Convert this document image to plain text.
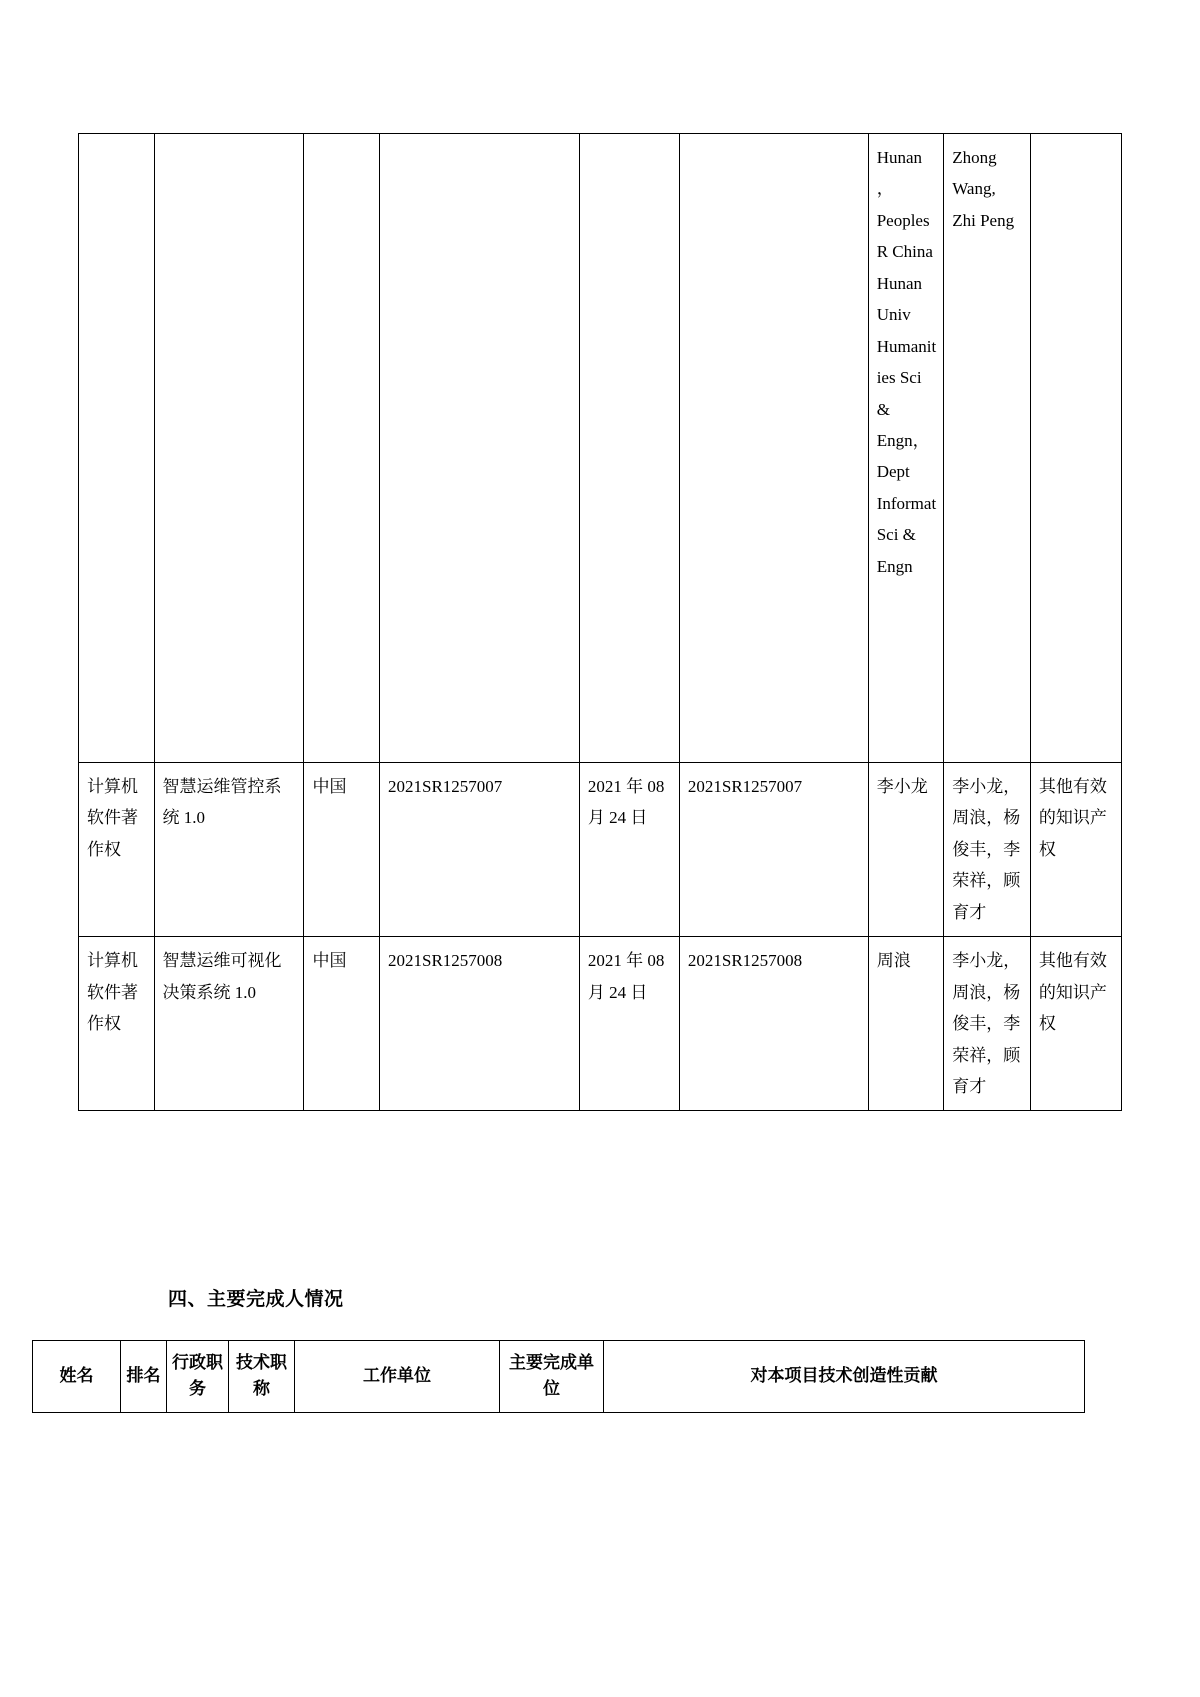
						Hunan，Peoples R China Hunan Univ Humanities Sci & Engn，Dept Informat Sci & Engn	Zhong Wang, Zhi Peng	
计算机软件著作权	智慧运维管控系统 1.0	中国	2021SR1257007	2021 年 08 月 24 日	2021SR1257007	李小龙	李小龙，周浪，杨俊丰，李荣祥，顾育才	其他有效的知识产权
计算机软件著作权	智慧运维可视化决策系统 1.0	中国	2021SR1257008	2021 年 08 月 24 日	2021SR1257008	周浪	李小龙，周浪，杨俊丰，李荣祥，顾育才	其他有效的知识产权
四、主要完成人情况
姓名	排名	行政职务	技术职称	工作单位	主要完成单位	对本项目技术创造性贡献
